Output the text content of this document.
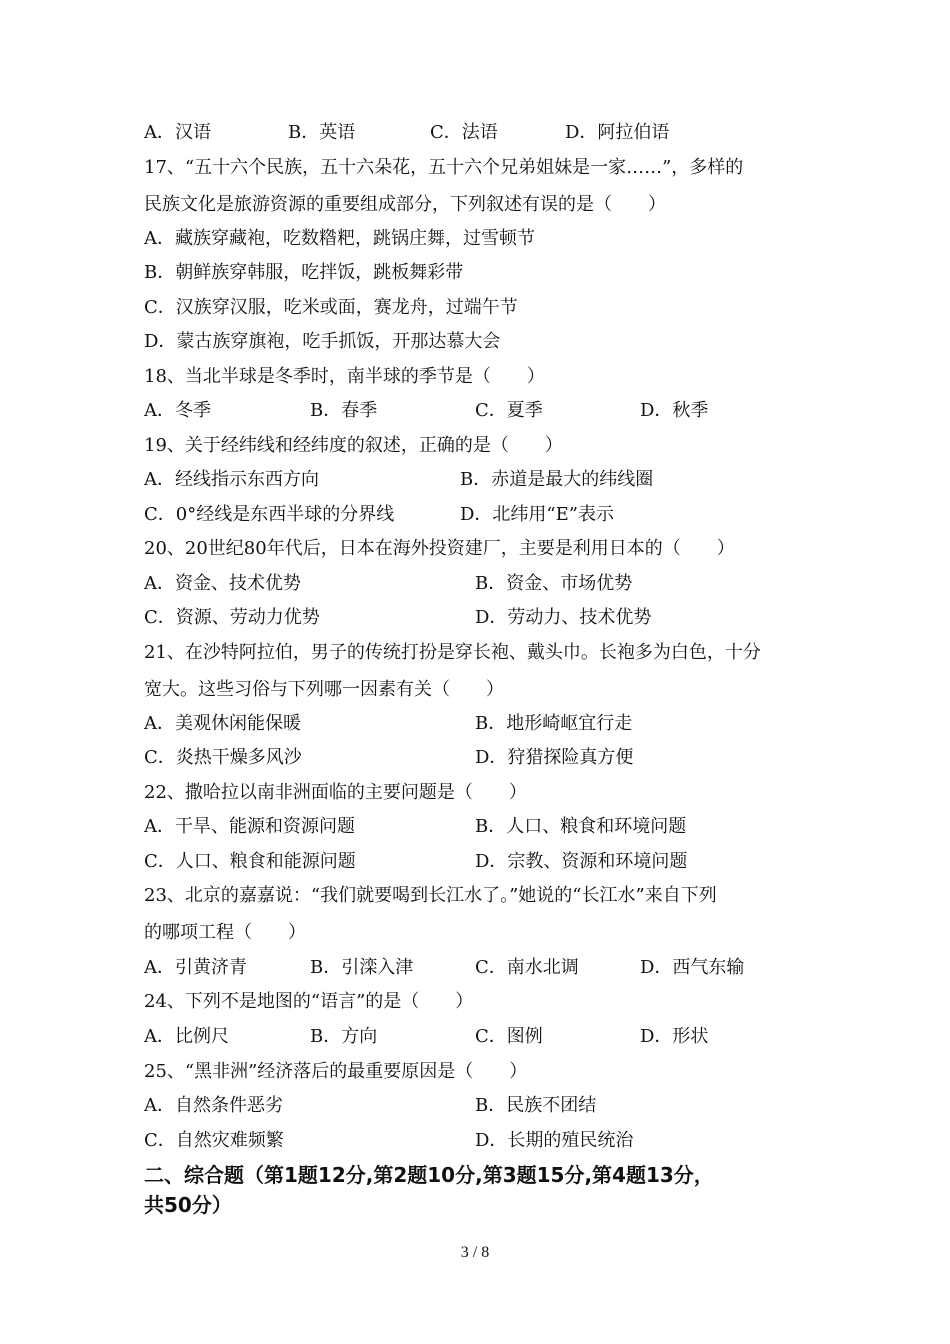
A．汉语	B．英语	C．法语	D．阿拉伯语
17、“五十六个民族，五十六朵花，五十六个兄弟姐妹是一家……”，多样的
民族文化是旅游资源的重要组成部分，下列叙述有误的是（　　）
A．藏族穿藏袍，吃数糌粑，跳锅庄舞，过雪顿节
B．朝鲜族穿韩服，吃拌饭，跳板舞彩带
C．汉族穿汉服，吃米或面，赛龙舟，过端午节
D．蒙古族穿旗袍，吃手抓饭，开那达慕大会
18、当北半球是冬季时，南半球的季节是（　　）
A．冬季	B．春季	C．夏季	D．秋季
19、关于经纬线和经纬度的叙述，正确的是（　　）
A．经线指示东西方向	B．赤道是最大的纬线圈
C．0°经线是东西半球的分界线	D．北纬用“E”表示
20、20世纪80年代后，日本在海外投资建厂，主要是利用日本的（　　）
A．资金、技术优势	B．资金、市场优势
C．资源、劳动力优势	D．劳动力、技术优势
21、在沙特阿拉伯，男子的传统打扮是穿长袍、戴头巾。长袍多为白色，十分
宽大。这些习俗与下列哪一因素有关（　　）
A．美观休闲能保暖	B．地形崎岖宜行走
C．炎热干燥多风沙	D．狩猎探险真方便
22、撒哈拉以南非洲面临的主要问题是（　　）
A．干旱、能源和资源问题	B．人口、粮食和环境问题
C．人口、粮食和能源问题	D．宗教、资源和环境问题
23、北京的嘉嘉说：“我们就要喝到长江水了。”她说的“长江水”来自下列
的哪项工程（　　）
A．引黄济青	B．引滦入津	C．南水北调	D．西气东输
24、下列不是地图的“语言”的是（　　）
A．比例尺	B．方向	C．图例	D．形状
25、“黑非洲”经济落后的最重要原因是（　　）
A．自然条件恶劣	B．民族不团结
C．自然灾难频繁	D．长期的殖民统治
二、综合题（第1题12分,第2题10分,第3题15分,第4题13分，
共50分）
3 / 8
